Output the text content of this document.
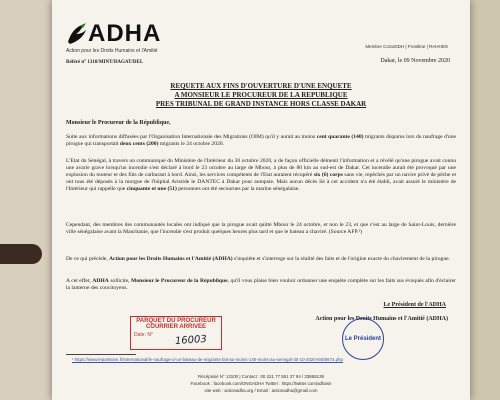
ADHA
Action pour les Droits Humains et l'Amitié
Membre CoSoDDH | Frontline | RAHHDS
Référé n° 1310/MINT/DAGAT/DEL	Dakar, le 09 Novembre 2020
REQUETE AUX FINS D'OUVERTURE D'UNE ENQUETE
A MONSIEUR LE PROCUREUR DE LA REPUBLIQUE
PRES TRIBUNAL DE GRAND INSTANCE HORS CLASSE DAKAR
Monsieur le Procureur de la République,
Suite aux informations diffusées par l'Organisation Internationale des Migrations (OIM) qu'il y aurait au moins cent quarante (140) migrants disparus lors du naufrage d'une pirogue qui transportait deux cents (200) migrants le 24 octobre 2020.
L'Etat du Sénégal, à travers un communiqué du Ministère de l'Intérieur du 30 octobre 2020, a de façon officielle démenti l'information et a révélé qu'une pirogue avait connu une avarie grave lorsqu'un incendie s'est déclaré à bord le 23 octobre au large de Mbour, à plus de 80 km au sud-est de Dakar. Cet incendie aurait été provoqué par une explosion du moteur et des fûts de carburant à bord. Ainsi, les services compétents de l'Etat auraient récupéré six (6) corps sans vie, repêchés par un navire privé de pêche et ont tous été déposés à la morgue de l'hôpital Aristide le DANTEC à Dakar pour autopsie. Mais aucun décès lié à cet accident n'a été établi, avait assuré le ministère de l'Intérieur qui rappelle que cinquante et une (51) personnes ont été secourues par la marine sénégalaise.
Cependant, des membres des communautés locales ont indiqué que la pirogue avait quitté Mbour le 24 octobre, et non le 23, et que c'est au large de Saint-Louis, dernière ville sénégalaise avant la Mauritanie, que l'incendie s'est produit quelques heures plus tard et que le bateau a chaviré. (Source AFP.¹)
De ce qui précède, Action pour les Droits Humains et l'Amitié (ADHA) s'inquiète et s'interroge sur la réalité des faits et de l'origine exacte du chavirement de la pirogue.
A cet effet, ADHA sollicite, Monsieur le Procureur de la République, qu'il vous plaise bien vouloir ordonner une enquête complète sur les faits sus évoqués afin d'éclairer la lanterne des concitoyens.
Le Président de l'ADHA
Action pour les Droits Humains et l'Amitié (ADHA)
PARQUET DU PROCUREUR
COURRIER ARRIVEE
Date: N°	16003	Le Président
¹ https://www.lepartisien.fr/international/le-naufrage-d-un-bateau-de-migrants-fait-au-moins-140-morts-au-senegal-30-10-2020-8405674.php
Récépissé N° 13100 | Contact : 00 221 77 551 37 94 / 33855139
Facebook : facebook.com/ONGADHA Twitter : https://twitter.com/adhasn
site web : actionadha.org / Email : actionadha@gmail.com
